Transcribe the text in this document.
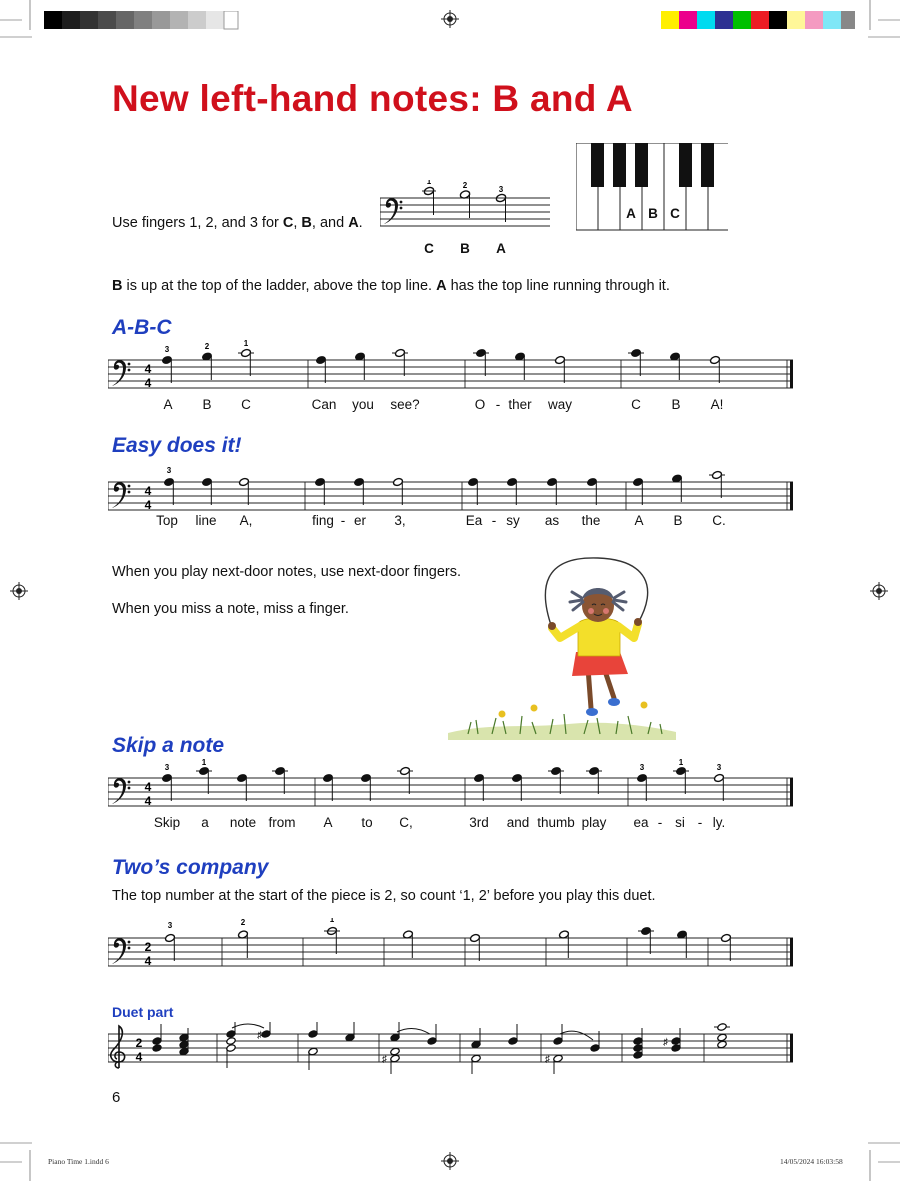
New left-hand notes: B and A
Use fingers 1, 2, and 3 for C, B, and A.
1	2	3
C B A
A B C
B is up at the top of the ladder, above the top line. A has the top line running through it.
A-B-C
4
4
3	2	1
A B C	Can you see?	O - ther way	C B A!
Easy does it!
4
4
3
Top line A,	fing - er 3,	Ea - sy as the	A B C.
When you play next-door notes, use next-door fingers.
When you miss a note, miss a finger.
Skip a note
4
4
3
1
3
1
3
Skip a note from A to C,	3rd and thumb play ea - si - ly.
Two’s company
The top number at the start of the piece is 2, so count ‘1, 2’ before you play this duet.
2
4
3	2	1
Duet part
2
4
♯
♯	♯
♯
6
Piano Time 1.indd 6	14/05/2024 16:03:58
